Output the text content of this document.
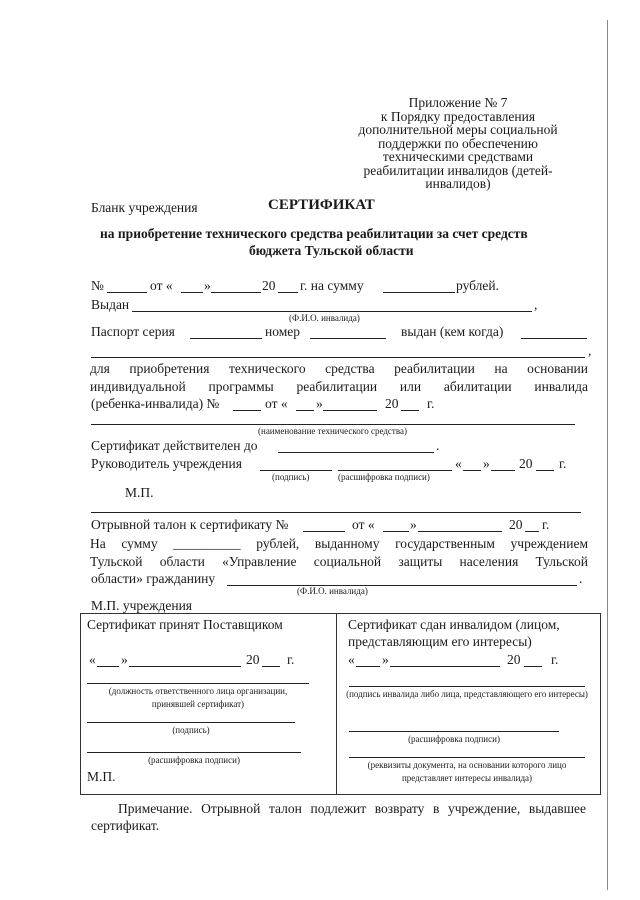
Приложение № 7
к Порядку предоставления
дополнительной меры социальной
поддержки по обеспечению
техническими средствами
реабилитации инвалидов (детей-
инвалидов)
Бланк учреждения	СЕРТИФИКАТ
на приобретение технического средства реабилитации за счет средств
бюджета Тульской области
№	от « »	20 г. на сумму	рублей.
Выдан	,
(Ф.И.О. инвалида)
Паспорт серия	номер	выдан (кем когда)
,
для приобретения технического средства реабилитации на основании
индивидуальной программы реабилитации или абилитации инвалида
(ребенка-инвалида) №	от « »	20 г.
(наименование технического средства)
Сертификат действителен до	.
Руководитель учреждения	« » 20 г.
(подпись)	(расшифровка подписи)
М.П.
Отрывной талон к сертификату №	от «	»	20 г.
На сумму __________ рублей, выданному государственным учреждением
Тульской области «Управление социальной защиты населения Тульской
области» гражданину	.
(Ф.И.О. инвалида)
М.П. учреждения
Сертификат принят Поставщиком
« »	20 г.
(должность ответственного лица организации, принявшей сертификат)
(подпись)
(расшифровка подписи)
М.П.
Сертификат сдан инвалидом (лицом,
представляющим его интересы)
« »	20 г.
(подпись инвалида либо лица, представляющего его интересы)
(расшифровка подписи)
(реквизиты документа, на основании которого лицо представляет интересы инвалида)
Примечание. Отрывной талон подлежит возврату в учреждение, выдавшее
сертификат.
